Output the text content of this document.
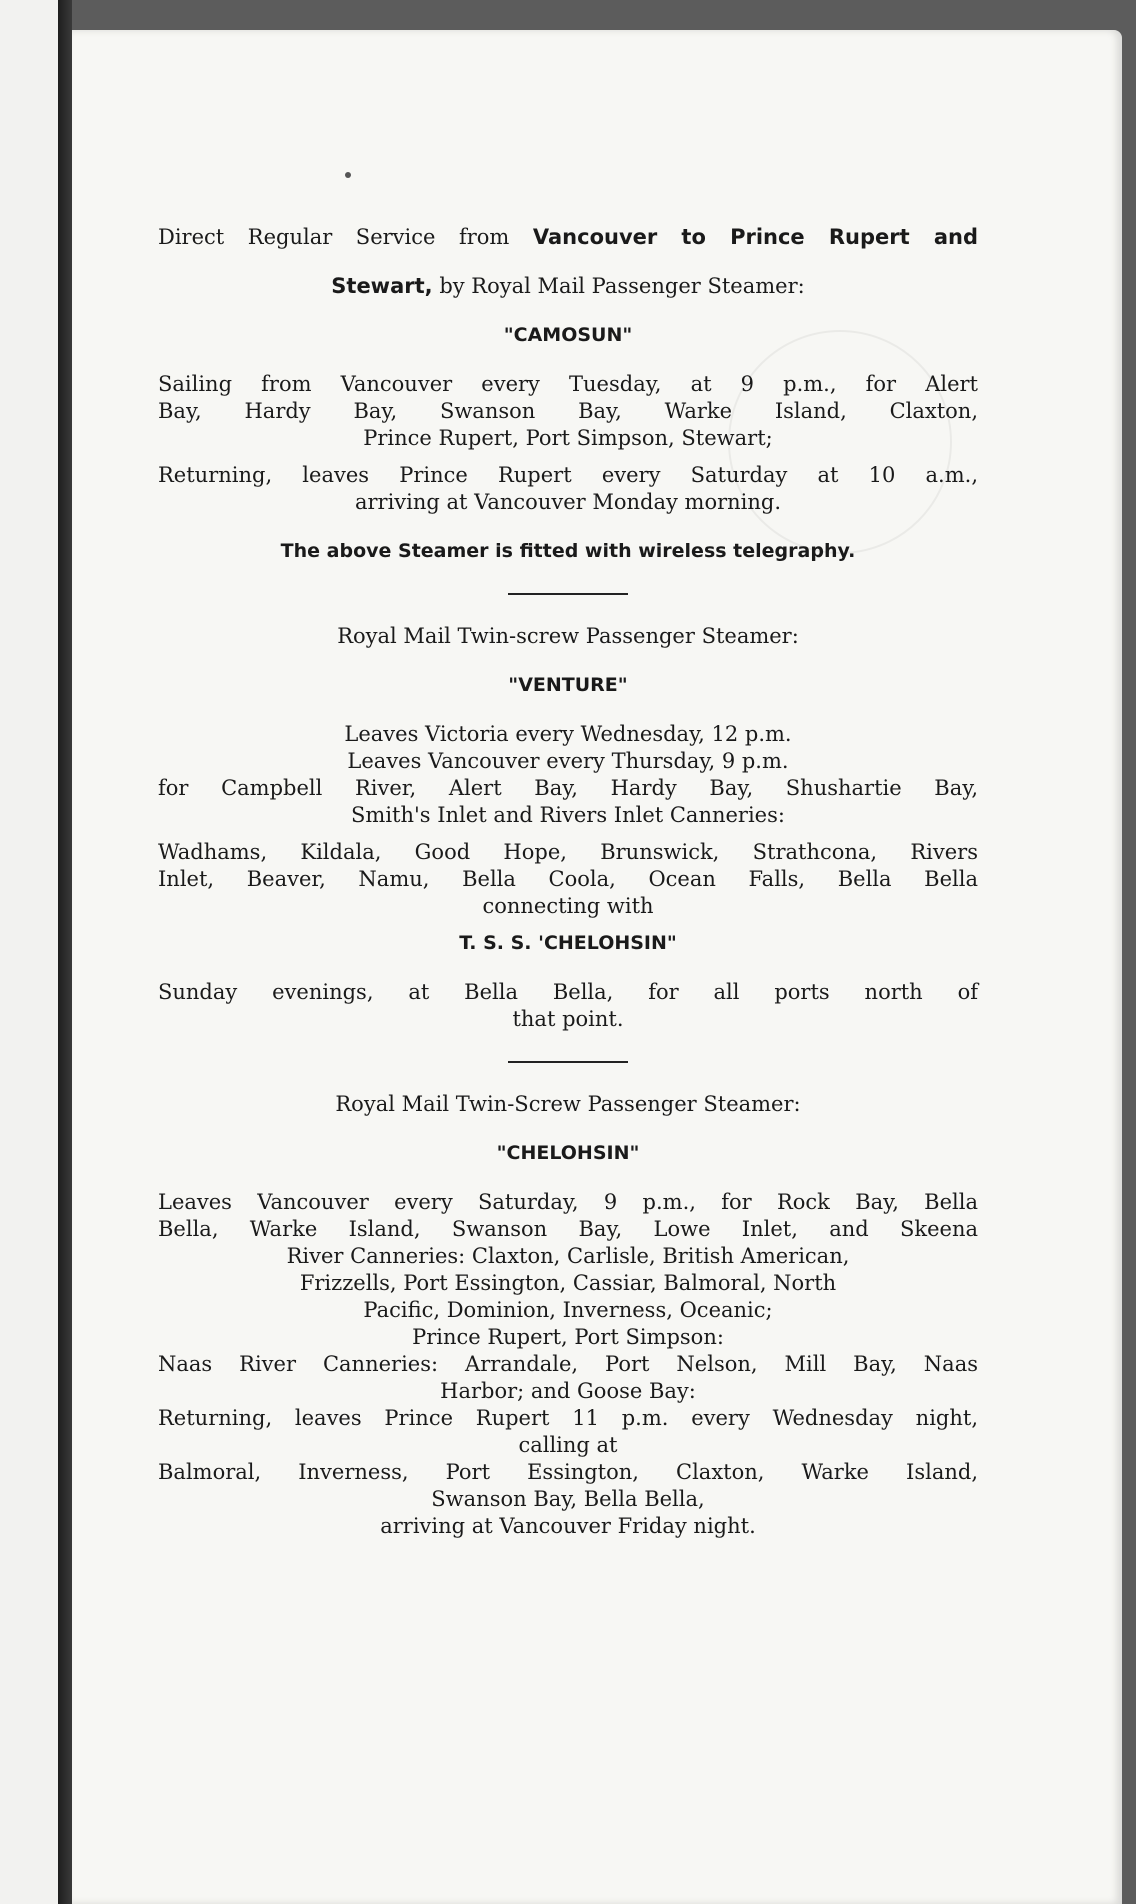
Direct Regular Service from Vancouver to Prince Rupert and
Stewart, by Royal Mail Passenger Steamer:
"CAMOSUN"
Sailing from Vancouver every Tuesday, at 9 p.m., for Alert
Bay, Hardy Bay, Swanson Bay, Warke Island, Claxton,
Prince Rupert, Port Simpson, Stewart;
Returning, leaves Prince Rupert every Saturday at 10 a.m.,
arriving at Vancouver Monday morning.
The above Steamer is fitted with wireless telegraphy.
Royal Mail Twin-screw Passenger Steamer:
"VENTURE"
Leaves Victoria every Wednesday, 12 p.m.
Leaves Vancouver every Thursday, 9 p.m.
for Campbell River, Alert Bay, Hardy Bay, Shushartie Bay,
Smith's Inlet and Rivers Inlet Canneries:
Wadhams, Kildala, Good Hope, Brunswick, Strathcona, Rivers
Inlet, Beaver, Namu, Bella Coola, Ocean Falls, Bella Bella
connecting with
T. S. S. 'CHELOHSIN"
Sunday evenings, at Bella Bella, for all ports north of
that point.
Royal Mail Twin-Screw Passenger Steamer:
"CHELOHSIN"
Leaves Vancouver every Saturday, 9 p.m., for Rock Bay, Bella
Bella, Warke Island, Swanson Bay, Lowe Inlet, and Skeena
River Canneries: Claxton, Carlisle, British American,
Frizzells, Port Essington, Cassiar, Balmoral, North
Pacific, Dominion, Inverness, Oceanic;
Prince Rupert, Port Simpson:
Naas River Canneries: Arrandale, Port Nelson, Mill Bay, Naas
Harbor; and Goose Bay:
Returning, leaves Prince Rupert 11 p.m. every Wednesday night,
calling at
Balmoral, Inverness, Port Essington, Claxton, Warke Island,
Swanson Bay, Bella Bella,
arriving at Vancouver Friday night.
